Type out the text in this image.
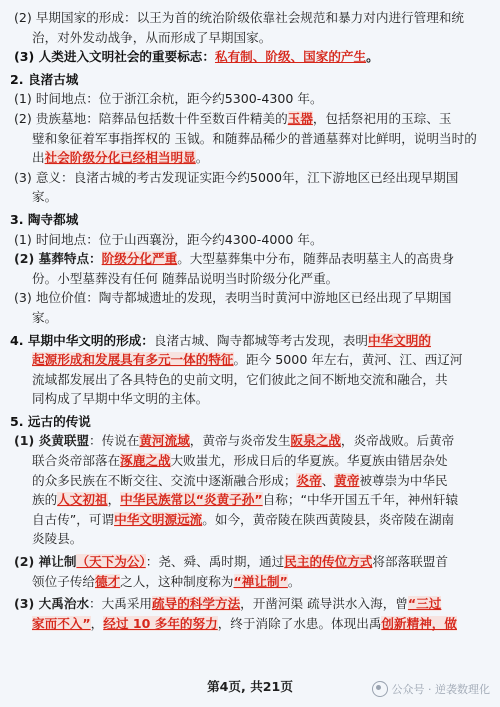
(2) 早期国家的形成：以王为首的统治阶级依靠社会规范和暴力对内进行管理和统
治，对外发动战争，从而形成了早期国家。
(3) 人类进入文明社会的重要标志：私有制、阶级、国家的产生。
2. 良渚古城
(1) 时间地点：位于浙江余杭，距今约5300-4300 年。
(2) 贵族墓地：陪葬品包括数十件至数百件精美的玉器，包括祭祀用的玉琮、玉
璧和象征着军事指挥权的 玉钺。和随葬品稀少的普通墓葬对比鲜明，说明当时的
出社会阶级分化已经相当明显。
(3) 意义：良渚古城的考古发现证实距今约5000年，江下游地区已经出现早期国
家。
3. 陶寺都城
(1) 时间地点：位于山西襄汾，距今约4300-4000 年。
(2) 墓葬特点：阶级分化严重。大型墓葬集中分布，随葬品表明墓主人的高贵身
份。小型墓葬没有任何 随葬品说明当时阶级分化严重。
(3) 地位价值：陶寺都城遗址的发现，表明当时黄河中游地区已经出现了早期国
家。
4. 早期中华文明的形成：良渚古城、陶寺都城等考古发现，表明中华文明的
起源形成和发展具有多元一体的特征。距今 5000 年左右，黄河、江、西辽河
流域都发展出了各具特色的史前文明，它们彼此之间不断地交流和融合，共
同构成了早期中华文明的主体。
5. 远古的传说
(1) 炎黄联盟：传说在黄河流域，黄帝与炎帝发生阪泉之战，炎帝战败。后黄帝
联合炎帝部落在涿鹿之战大败蚩尤，形成日后的华夏族。华夏族由错居杂处
的众多民族在不断交往、交流中逐渐融合形成；炎帝、黄帝被尊崇为中华民
族的人文初祖，中华民族常以“炎黄子孙”自称；“中华开国五千年，神州轩辕
自古传”，可谓中华文明源远流。如今，黄帝陵在陕西黄陵县，炎帝陵在湖南
炎陵县。
(2) 禅让制（天下为公）：尧、舜、禹时期，通过民主的传位方式将部落联盟首
领位子传给德才之人，这种制度称为“禅让制”。
(3) 大禹治水：大禹采用疏导的科学方法，开凿河渠 疏导洪水入海，曾“三过
家而不入”，经过 10 多年的努力，终于消除了水患。体现出禹创新精神，做
第4页, 共21页	公众号 · 逆袭数理化
